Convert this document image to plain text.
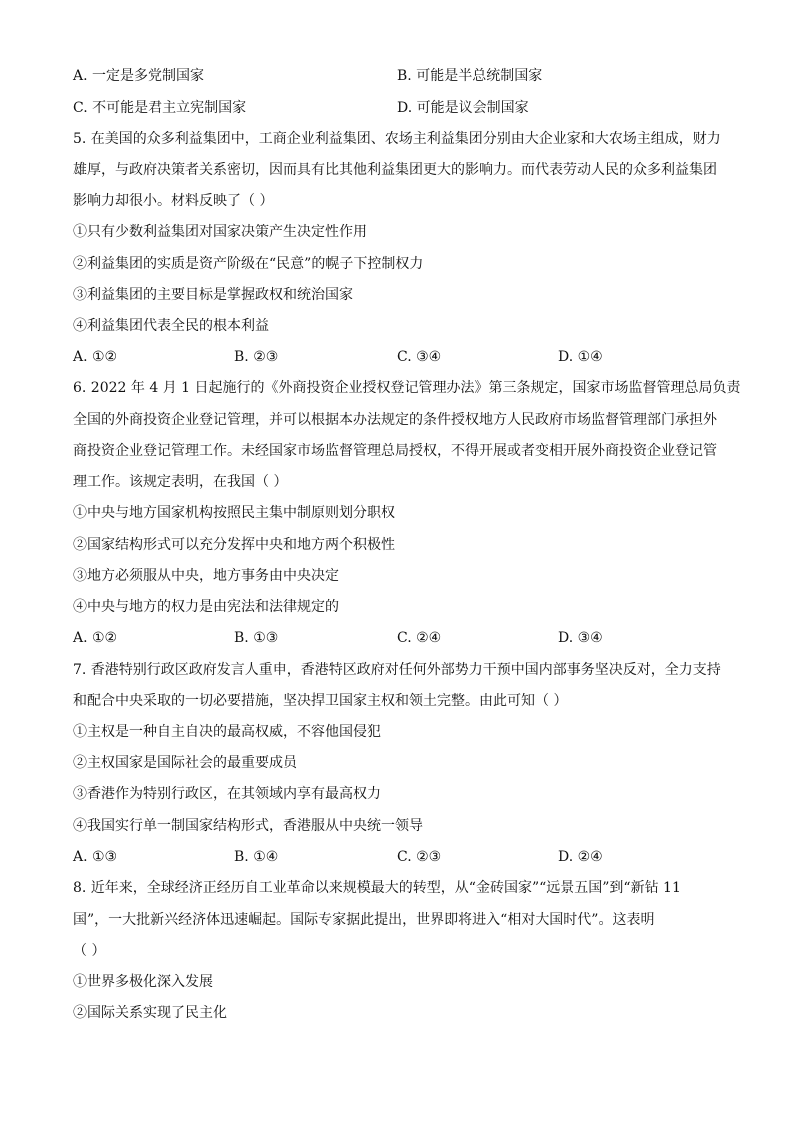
A. 一定是多党制国家	B. 可能是半总统制国家
C. 不可能是君主立宪制国家	D. 可能是议会制国家
5. 在美国的众多利益集团中，工商企业利益集团、农场主利益集团分别由大企业家和大农场主组成，财力
雄厚，与政府决策者关系密切，因而具有比其他利益集团更大的影响力。而代表劳动人民的众多利益集团
影响力却很小。材料反映了（ ）
①只有少数利益集团对国家决策产生决定性作用
②利益集团的实质是资产阶级在“民意”的幌子下控制权力
③利益集团的主要目标是掌握政权和统治国家
④利益集团代表全民的根本利益
A. ①②	B. ②③	C. ③④	D. ①④
6. 2022 年 4 月 1 日起施行的《外商投资企业授权登记管理办法》第三条规定，国家市场监督管理总局负责
全国的外商投资企业登记管理，并可以根据本办法规定的条件授权地方人民政府市场监督管理部门承担外
商投资企业登记管理工作。未经国家市场监督管理总局授权，不得开展或者变相开展外商投资企业登记管
理工作。该规定表明，在我国（ ）
①中央与地方国家机构按照民主集中制原则划分职权
②国家结构形式可以充分发挥中央和地方两个积极性
③地方必须服从中央，地方事务由中央决定
④中央与地方的权力是由宪法和法律规定的
A. ①②	B. ①③	C. ②④	D. ③④
7. 香港特别行政区政府发言人重申，香港特区政府对任何外部势力干预中国内部事务坚决反对，全力支持
和配合中央采取的一切必要措施，坚决捍卫国家主权和领土完整。由此可知（ ）
①主权是一种自主自决的最高权威，不容他国侵犯
②主权国家是国际社会的最重要成员
③香港作为特别行政区，在其领域内享有最高权力
④我国实行单一制国家结构形式，香港服从中央统一领导
A. ①③	B. ①④	C. ②③	D. ②④
8. 近年来，全球经济正经历自工业革命以来规模最大的转型，从“金砖国家”“远景五国”到“新钻 11
国”，一大批新兴经济体迅速崛起。国际专家据此提出，世界即将进入“相对大国时代”。这表明
（ ）
①世界多极化深入发展
②国际关系实现了民主化
